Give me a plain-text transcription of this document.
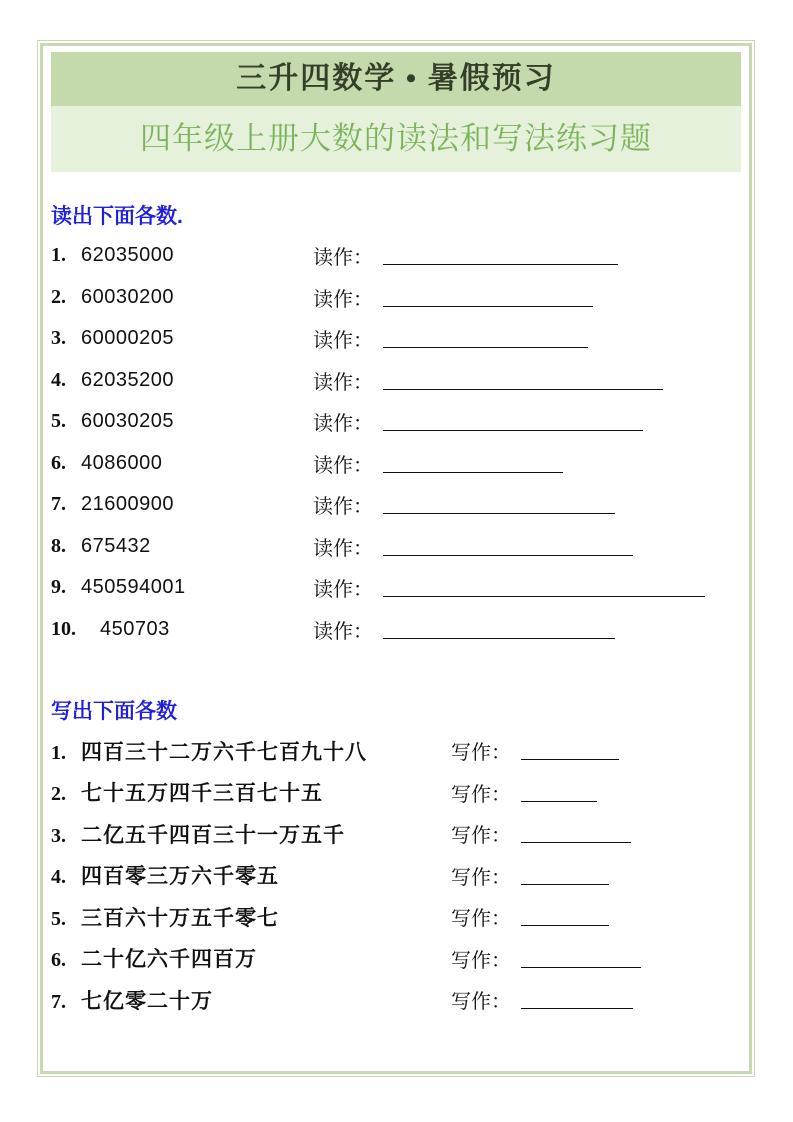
三升四数学 • 暑假预习
四年级上册大数的读法和写法练习题
读出下面各数.
1. 62035000	读作：
2. 60030200	读作：
3. 60000205	读作：
4. 62035200	读作：
5. 60030205	读作：
6. 4086000	读作：
7. 21600900	读作：
8. 675432	读作：
9. 450594001	读作：
10. 450703	读作：
写出下面各数
1. 四百三十二万六千七百九十八	写作：
2. 七十五万四千三百七十五	写作：
3. 二亿五千四百三十一万五千	写作：
4. 四百零三万六千零五	写作：
5. 三百六十万五千零七	写作：
6. 二十亿六千四百万	写作：
7. 七亿零二十万	写作：
